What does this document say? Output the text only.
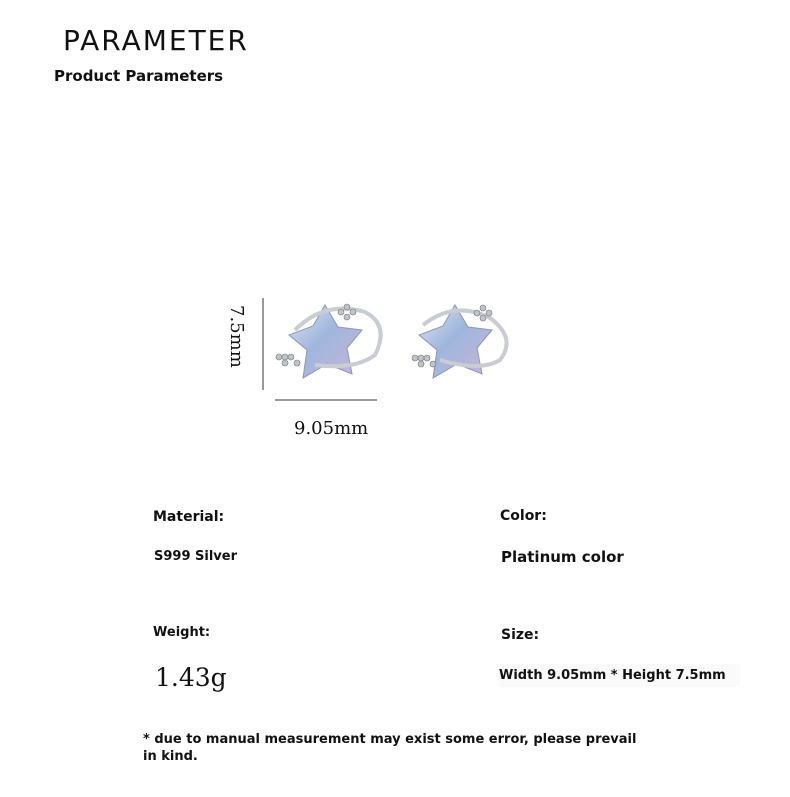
PARAMETER
Product Parameters
7.5mm
9.05mm
Material:
S999 Silver
Color:
Platinum color
Weight:
1.43g
Size:
Width 9.05mm * Height 7.5mm
* due to manual measurement may exist some error, please prevail in kind.
